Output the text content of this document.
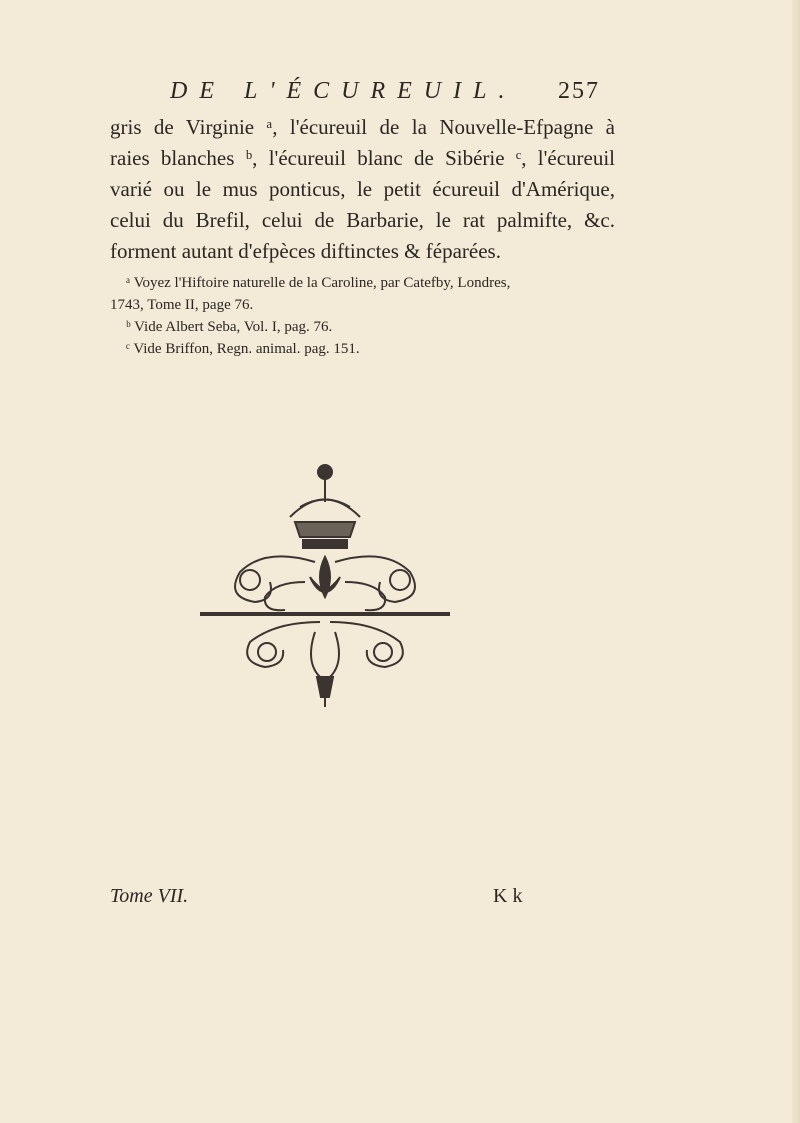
DE L'ÉCUREUIL. 257
gris de Virginie ᵃ, l'écureuil de la Nouvelle-Efpagne à
raies blanches ᵇ, l'écureuil blanc de Sibérie ᶜ, l'écureuil
varié ou le mus ponticus, le petit écureuil d'Amérique,
celui du Brefil, celui de Barbarie, le rat palmifte, &c.
forment autant d'efpèces diftinctes & féparées.
ᵃ Voyez l'Hiftoire naturelle de la Caroline, par Catefby, Londres,
1743, Tome II, page 76.
ᵇ Vide Albert Seba, Vol. I, pag. 76.
ᶜ Vide Briffon, Regn. animal. pag. 151.
Tome VII.	K k
